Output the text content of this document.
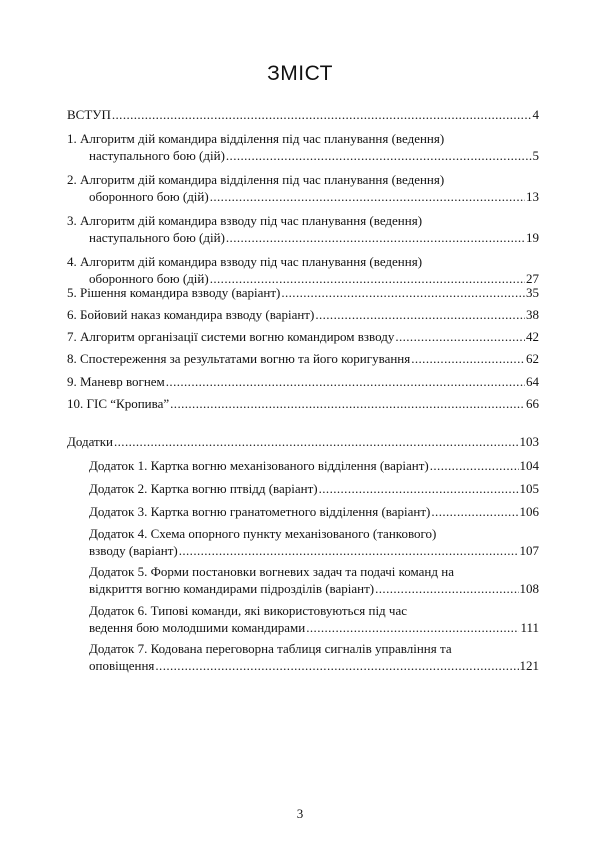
ЗМІСТ
ВСТУП .....	4
1. Алгоритм дій командира відділення під час планування (ведення)
наступального бою (дій) .....	5
2. Алгоритм дій командира відділення під час планування (ведення)
оборонного бою (дій) .....	13
3. Алгоритм дій командира взводу під час планування (ведення)
наступального бою (дій) .....	19
4. Алгоритм дій командира взводу під час планування (ведення)
оборонного бою (дій) .....	27
5. Рішення командира взводу (варіант) .....	35
6. Бойовий наказ командира взводу (варіант) .....	38
7. Алгоритм організації системи вогню командиром взводу .....	42
8. Спостереження за результатами вогню та його коригування .....	62
9. Маневр вогнем .....	64
10. ГІС “Кропива” .....	66
Додатки .....	103
Додаток 1. Картка вогню механізованого відділення (варіант) .....	104
Додаток 2. Картка вогню птвідд (варіант) .....	105
Додаток 3. Картка вогню гранатометного відділення (варіант) .....	106
Додаток 4. Схема опорного пункту механізованого (танкового)
взводу (варіант) .....	107
Додаток 5. Форми постановки вогневих задач та подачі команд на
відкриття вогню командирами підрозділів (варіант) .....	108
Додаток 6. Типові команди, які використовуються під час
ведення бою молодшими командирами .....	111
Додаток 7. Кодована переговорна таблиця сигналів управління та
оповіщення .....	121
3
